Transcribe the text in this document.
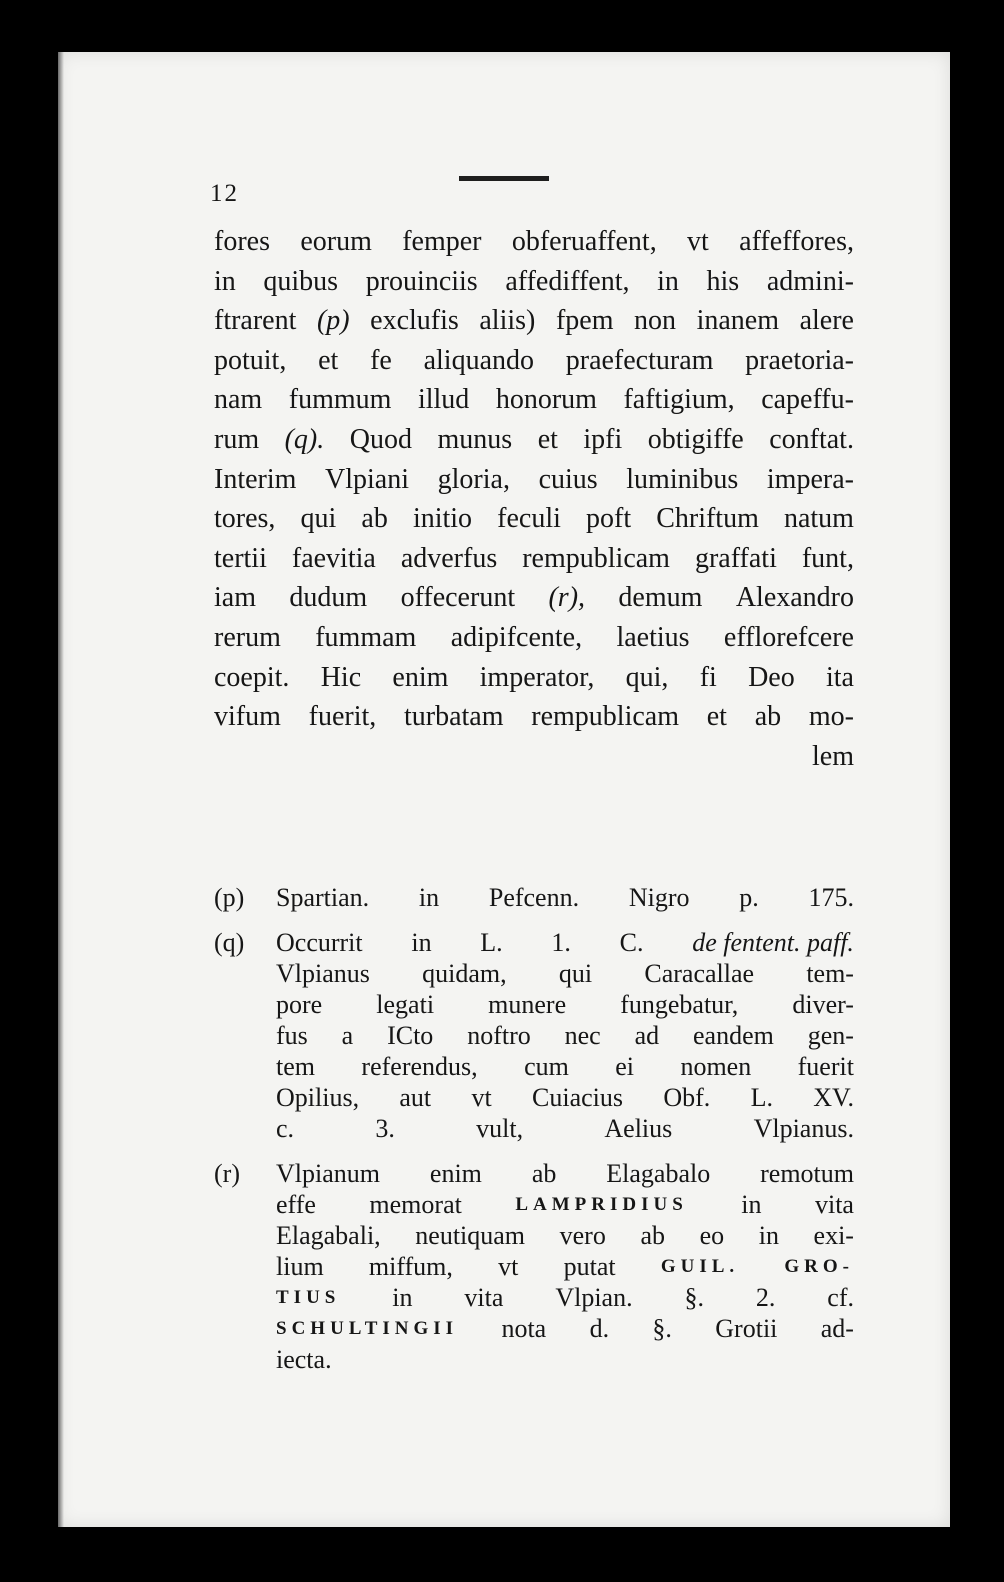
12
fores eorum femper obferuaffent, vt affeffores,
in quibus prouinciis affediffent, in his admini-
ftrarent (p) exclufis aliis) fpem non inanem alere
potuit, et fe aliquando praefecturam praetoria-
nam fummum illud honorum faftigium, capeffu-
rum (q). Quod munus et ipfi obtigiffe conftat.
Interim Vlpiani gloria, cuius luminibus impera-
tores, qui ab initio feculi poft Chriftum natum
tertii faevitia adverfus rempublicam graffati funt,
iam dudum offecerunt (r), demum Alexandro
rerum fummam adipifcente, laetius efflorefcere
coepit. Hic enim imperator, qui, fi Deo ita
vifum fuerit, turbatam rempublicam et ab mo-
lem
(p)	Spartian. in Pefcenn. Nigro p. 175.
(q)	Occurrit in L. 1. C. de fentent. paff.
Vlpianus quidam, qui Caracallae tem-
pore legati munere fungebatur, diver-
fus a ICto noftro nec ad eandem gen-
tem referendus, cum ei nomen fuerit
Opilius, aut vt Cuiacius Obf. L. XV.
c.	3.	vult,	Aelius	Vlpianus.
(r)	Vlpianum enim ab Elagabalo remotum
effe memorat	LAMPRIDIUS in vita
Elagabali, neutiquam vero ab eo in exi-
lium miffum, vt putat GUIL. GRO-
TIUS in vita Vlpian. §. 2. cf.
SCHULTINGII nota d. §. Grotii ad-
iecta.
